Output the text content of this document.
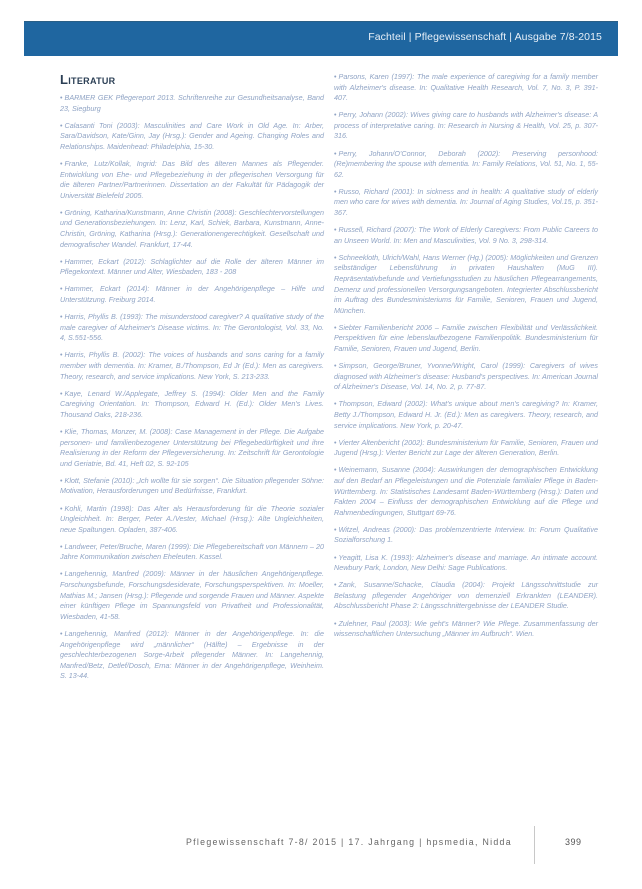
Fachteil | Pflegewissenschaft | Ausgabe 7/8-2015
Literatur
• BARMER GEK Pflegereport 2013. Schriftenreihe zur Gesundheitsanalyse, Band 23, Siegburg
• Calasanti Toni (2003): Masculinities and Care Work in Old Age. In: Arber, Sara/Davidson, Kate/Ginn, Jay (Hrsg.): Gender and Ageing. Changing Roles and Relationships. Maidenhead: Philadelphia, 15-30.
• Franke, Lutz/Kollak, Ingrid: Das Bild des älteren Mannes als Pflegender. Entwicklung von Ehe- und Pflegebeziehung in der pflegerischen Versorgung für die älteren Partner/Partnerinnen. Dissertation an der Fakultät für Pädagogik der Universität Bielefeld 2005.
• Gröning, Katharina/Kunstmann, Anne Christin (2008): Geschlechtervorstellungen und Generationsbeziehungen. In: Lenz, Karl, Schiek, Barbara, Kunstmann, Anne-Christin, Gröning, Katharina (Hrsg.): Generationengerechtigkeit. Gesellschaft und demografischer Wandel. Frankfurt, 17-44.
• Hammer, Eckart (2012): Schlaglichter auf die Rolle der älteren Männer im Pflegekontext. Männer und Alter, Wiesbaden, 183 - 208
• Hammer, Eckart (2014): Männer in der Angehörigenpflege – Hilfe und Unterstützung. Freiburg 2014.
• Harris, Phyllis B. (1993): The misunderstood caregiver? A qualitative study of the male caregiver of Alzheimer's Disease victims. In: The Gerontologist, Vol. 33, No. 4, S.551-556.
• Harris, Phyllis B. (2002): The voices of husbands and sons caring for a family member with dementia. In: Kramer, B./Thompson, Ed Jr (Ed.): Men as caregivers. Theory, research, and service implications. New York, S. 213-233.
• Kaye, Lenard W./Applegate, Jeffrey S. (1994): Older Men and the Family Caregiving Orientation. In: Thompson, Edward H. (Ed.): Older Men's Lives. Thousand Oaks, 218-236.
• Klie, Thomas, Monzer, M. (2008): Case Management in der Pflege. Die Aufgabe personen- und familienbezogener Unterstützung bei Pflegebedürftigkeit und ihre Realisierung in der Reform der Pflegeversicherung. In: Zeitschrift für Gerontologie und Geriatrie, Bd. 41, Heft 02, S. 92-105
• Klott, Stefanie (2010): „Ich wollte für sie sorgen“. Die Situation pflegender Söhne: Motivation, Herausforderungen und Bedürfnisse, Frankfurt.
• Kohli, Martin (1998): Das Alter als Herausforderung für die Theorie sozialer Ungleichheit. In: Berger, Peter A./Vester, Michael (Hrsg.): Alte Ungleichheiten, neue Spaltungen. Opladen, 387-406.
• Landweer, Peter/Bruche, Maren (1999): Die Pflegebereitschaft von Männern – 20 Jahre Kommunikation zwischen Eheleuten. Kassel.
• Langehennig, Manfred (2009): Männer in der häuslichen Angehörigenpflege. Forschungsbefunde, Forschungsdesiderate, Forschungsperspektiven. In: Moeller, Mathias M.; Jansen (Hrsg.): Pflegende und sorgende Frauen und Männer. Aspekte einer künftigen Pflege im Spannungsfeld von Privatheit und Professionalität, Wiesbaden, 41-58.
• Langehennig, Manfred (2012): Männer in der Angehörigenpflege. In: die Angehörigenpflege wird „männlicher“ (Hälfte) – Ergebnisse in der geschlechterbezogenen Sorge-Arbeit pflegender Männer. In: Langehennig, Manfred/Betz, Detlef/Dosch, Erna: Männer in der Angehörigenpflege, Weinheim. S. 13-44.
• Parsons, Karen (1997): The male experience of caregiving for a family member with Alzheimer's disease. In: Qualitative Health Research, Vol. 7, No. 3, P. 391-407.
• Perry, Johann (2002): Wives giving care to husbands with Alzheimer's disease: A process of interpretative caring. In: Research in Nursing & Health, Vol. 25, p. 307-316.
• Perry, Johann/O'Connor, Deborah (2002): Preserving personhood: (Re)membering the spouse with dementia. In: Family Relations, Vol. 51, No. 1, 55-62.
• Russo, Richard (2001): In sickness and in health: A qualitative study of elderly men who care for wives with dementia. In: Journal of Aging Studies, Vol.15, p. 351-367.
• Russell, Richard (2007): The Work of Elderly Caregivers: From Public Careers to an Unseen World. In: Men and Masculinities, Vol. 9 No. 3, 298-314.
• Schneekloth, Ulrich/Wahl, Hans Werner (Hg.) (2005): Möglichkeiten und Grenzen selbständiger Lebensführung in privaten Haushalten (MuG III). Repräsentativbefunde und Vertiefungsstudien zu häuslichen Pflegearrangements, Demenz und professionellen Versorgungsangeboten. Integrierter Abschlussbericht im Auftrag des Bundesministeriums für Familie, Senioren, Frauen und Jugend, München.
• Siebter Familienbericht 2006 – Familie zwischen Flexibilität und Verlässlichkeit. Perspektiven für eine lebenslaufbezogene Familienpolitik. Bundesministerium für Familie, Senioren, Frauen und Jugend, Berlin.
• Simpson, George/Bruner, Yvonne/Wright, Carol (1999): Caregivers of wives diagnosed with Alzheimer's disease: Husband's perspectives. In: American Journal of Alzheimer's Disease, Vol. 14, No. 2, p. 77-87.
• Thompson, Edward (2002): What's unique about men's caregiving? In: Kramer, Betty J./Thompson, Edward H. Jr. (Ed.): Men as caregivers. Theory, research, and service implications. New York, p. 20-47.
• Vierter Altenbericht (2002): Bundesministerium für Familie, Senioren, Frauen und Jugend (Hrsg.): Vierter Bericht zur Lage der älteren Generation, Berlin.
• Weinemann, Susanne (2004): Auswirkungen der demographischen Entwicklung auf den Bedarf an Pflegeleistungen und die Potenziale familialer Pflege in Baden-Württemberg. In: Statistisches Landesamt Baden-Württemberg (Hrsg.): Daten und Fakten 2004 – Einfluss der demographischen Entwicklung auf die Pflege und Rahmenbedingungen, Stuttgart 69-76.
• Witzel, Andreas (2000): Das problemzentrierte Interview. In: Forum Qualitative Sozialforschung 1.
• Yeagitt, Lisa K. (1993): Alzheimer's disease and marriage. An intimate account. Newbury Park, London, New Delhi: Sage Publications.
• Zank, Susanne/Schacke, Claudia (2004): Projekt Längsschnittstudie zur Belastung pflegender Angehöriger von demenziell Erkrankten (LEANDER). Abschlussbericht Phase 2: Längsschnittergebnisse der LEANDER Studie.
• Zulehner, Paul (2003): Wie geht's Männer? Wie Pflege. Zusammenfassung der wissenschaftlichen Untersuchung „Männer im Aufbruch“. Wien.
Pflegewissenschaft 7-8/ 2015 | 17. Jahrgang | hpsmedia, Nidda	399
